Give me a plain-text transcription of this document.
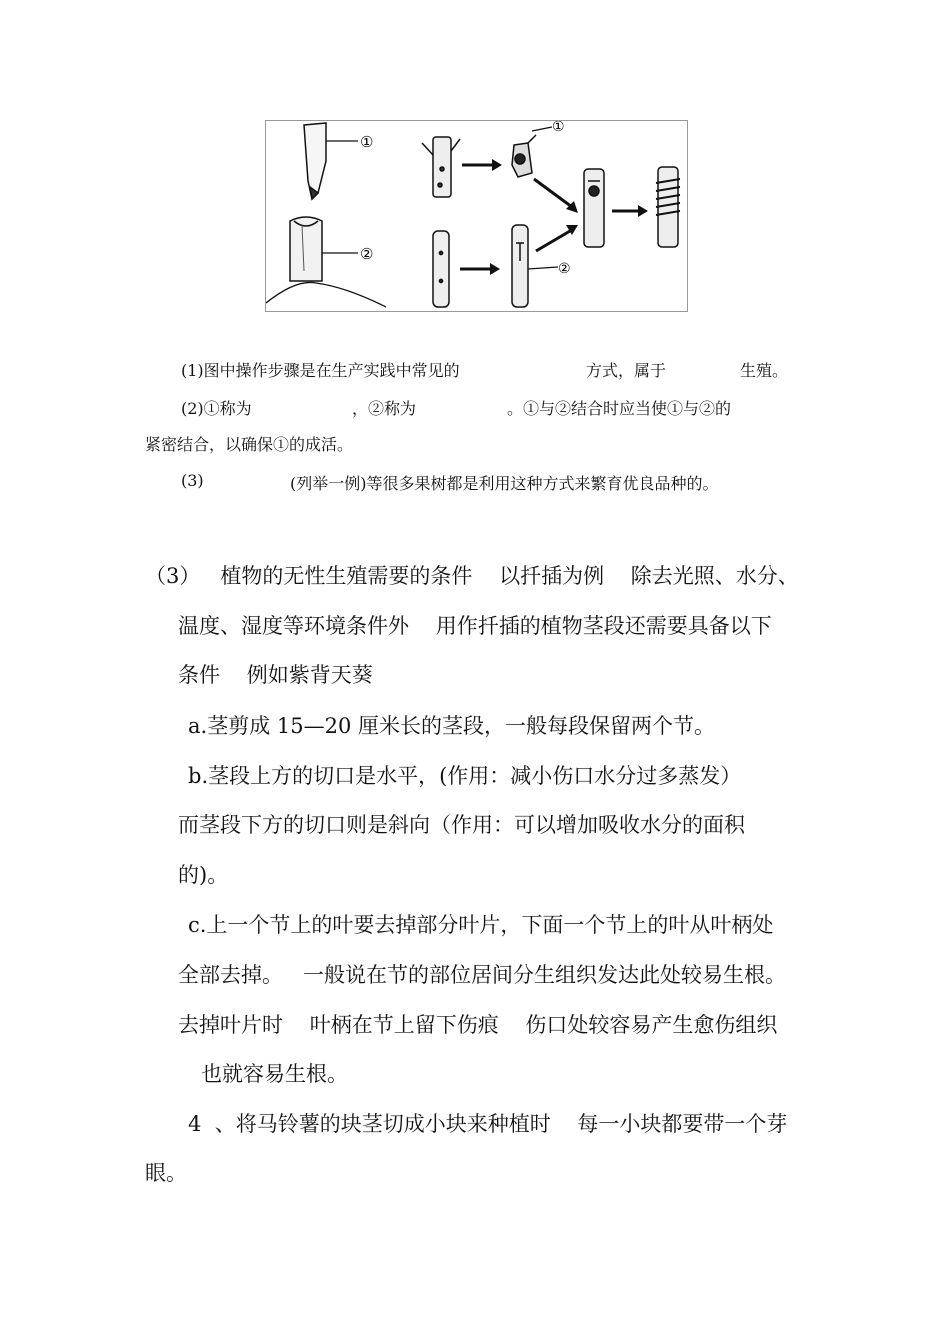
①
②
①
②
(1)图中操作步骤是在生产实践中常见的	方式，属于	生殖。
(2)①称为	，②称为	。①与②结合时应当使①与②的
紧密结合，以确保①的成活。
(3)	(列举一例)等很多果树都是利用这种方式来繁育优良品种的。
（3）   植物的无性生殖需要的条件    以扦插为例    除去光照、水分、
温度、湿度等环境条件外    用作扦插的植物茎段还需要具备以下
条件    例如紫背天葵
a.茎剪成 15—20 厘米长的茎段，一般每段保留两个节。
b.茎段上方的切口是水平，(作用：减小伤口水分过多蒸发）
而茎段下方的切口则是斜向（作用：可以增加吸收水分的面积
的)。
c.上一个节上的叶要去掉部分叶片，下面一个节上的叶从叶柄处
全部去掉。   一般说在节的部位居间分生组织发达此处较易生根。
去掉叶片时    叶柄在节上留下伤痕    伤口处较容易产生愈伤组织
也就容易生根。
4  、将马铃薯的块茎切成小块来种植时    每一小块都要带一个芽
眼。
